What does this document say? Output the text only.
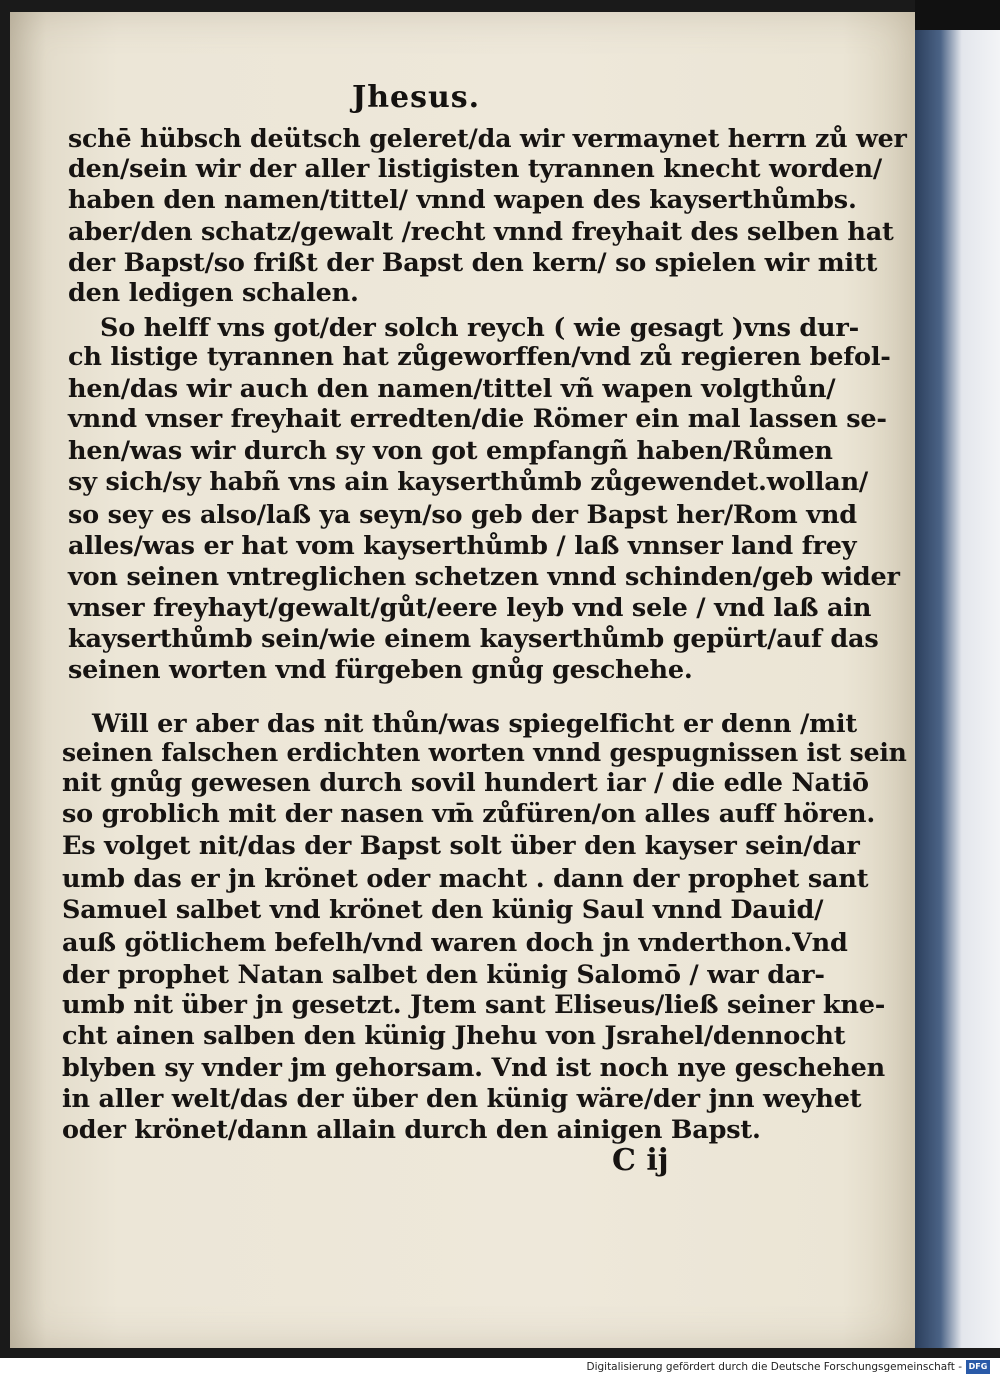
Jhesus.
schē hübsch deütsch geleret/da wir vermaynet herrn zů wer
den/sein wir der aller listigisten tyrannen knecht worden/
haben den namen/tittel/ vnnd wapen des kayserthůmbs.
aber/den schatz/gewalt /recht vnnd freyhait des selben hat
der Bapst/so frißt der Bapst den kern/ so spielen wir mitt
den ledigen schalen.
So helff vns got/der solch reych ( wie gesagt )vns dur-
ch listige tyrannen hat zůgeworffen/vnd zů regieren befol-
hen/das wir auch den namen/tittel vñ wapen volgthůn/
vnnd vnser freyhait erredten/die Römer ein mal lassen se-
hen/was wir durch sy von got empfangñ haben/Růmen
sy sich/sy habñ vns ain kayserthůmb zůgewendet.wollan/
so sey es also/laß ya seyn/so geb der Bapst her/Rom vnd
alles/was er hat vom kayserthůmb / laß vnnser land frey
von seinen vntreglichen schetzen vnnd schinden/geb wider
vnser freyhayt/gewalt/gůt/eere leyb vnd sele / vnd laß ain
kayserthůmb sein/wie einem kayserthůmb gepürt/auf das
seinen worten vnd fürgeben gnůg geschehe.
Will er aber das nit thůn/was spiegelficht er denn /mit
seinen falschen erdichten worten vnnd gespugnissen ist sein
nit gnůg gewesen durch sovil hundert iar / die edle Natiō
so groblich mit der nasen vm̄ zůfüren/on alles auff hören.
Es volget nit/das der Bapst solt über den kayser sein/dar
umb das er jn krönet oder macht . dann der prophet sant
Samuel salbet vnd krönet den künig Saul vnnd Dauid/
auß götlichem befelh/vnd waren doch jn vnderthon.Vnd
der prophet Natan salbet den künig Salomō / war dar-
umb nit über jn gesetzt. Jtem sant Eliseus/ließ seiner kne-
cht ainen salben den künig Jhehu von Jsrahel/dennocht
blyben sy vnder jm gehorsam. Vnd ist noch nye geschehen
in aller welt/das der über den künig wäre/der jnn weyhet
oder krönet/dann allain durch den ainigen Bapst.
C ij
Digitalisierung gefördert durch die Deutsche Forschungsgemeinschaft - DFG
